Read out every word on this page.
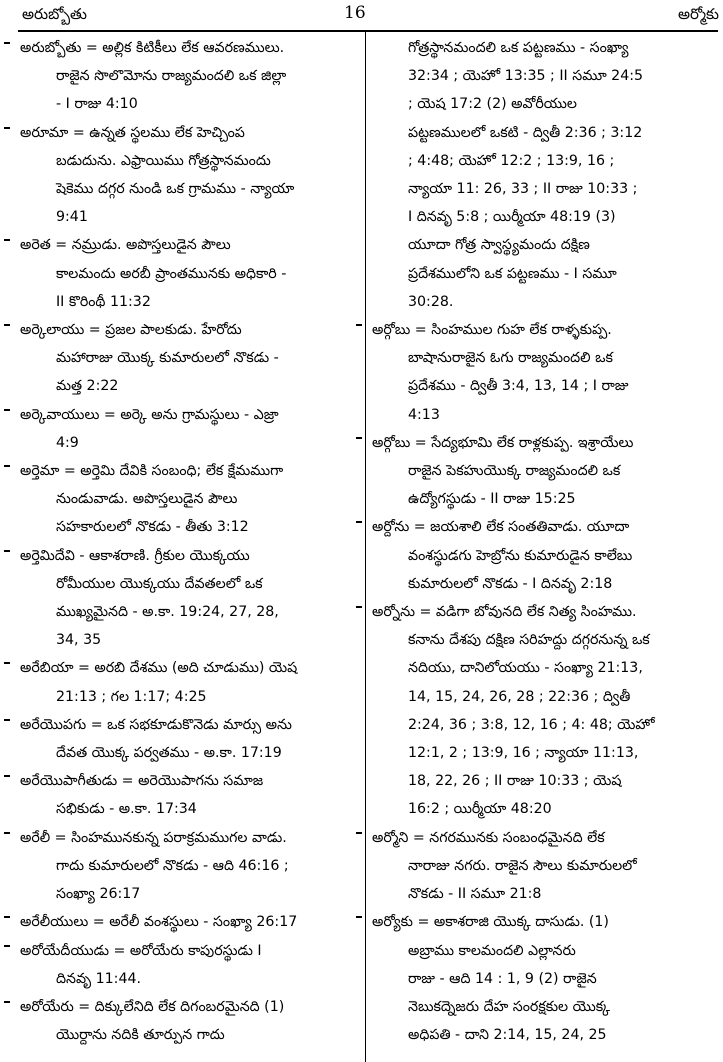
అరుబ్బోతు	16	అర్మోకు
అరుబ్బోతు = అల్లిక కిటికీలు లేక ఆవరణములు.
రాజైన సొలొమోను రాజ్యమందలి ఒక జిల్లా
- I రాజు 4:10
అరూమా = ఉన్నత స్థలము లేక హెచ్చింప
బడుదును. ఎఫ్రాయిము గోత్రస్థానమందు
షెకెము దగ్గర నుండి ఒక గ్రామము - న్యాయా
9:41
అరెత = నమ్రుడు. అపొస్తలుడైన పౌలు
కాలమందు అరబీ ప్రాంతమునకు అధికారి -
II కొరింథీ 11:32
అర్కెలాయు = ప్రజల పాలకుడు. హేరోదు
మహారాజు యొక్క కుమారులలో నొకడు -
మత్త 2:22
అర్కెవాయులు = అర్కె అను గ్రామస్థులు - ఎజ్రా
4:9
అర్తెమా = అర్తెమి దేవికి సంబంధి; లేక క్షేమముగా
నుండువాడు. అపొస్తలుడైన పౌలు
సహకారులలో నొకడు - తీతు 3:12
అర్తెమిదేవి - ఆకాశరాణి. గ్రీకుల యొక్కయు
రోమీయుల యొక్కయు దేవతలలో ఒక
ముఖ్యమైనది - అ.కా. 19:24, 27, 28,
34, 35
అరేబియా = అరబి దేశము (అది చూడుము) యెష
21:13 ; గల 1:17; 4:25
అరేయొపగు = ఒక సభకూడుకొనెడు మార్సు అను
దేవత యొక్క పర్వతము - అ.కా. 17:19
అరేయొపాగీతుడు = అరెయొపాగను సమాజ
సభికుడు - అ.కా. 17:34
అరేలీ = సింహమునకున్న పరాక్రమముగల వాడు.
గాదు కుమారులలో నొకడు - ఆది 46:16 ;
సంఖ్యా 26:17
అరేలీయులు = అరేలీ వంశస్థులు - సంఖ్యా 26:17
అరోయేదీయుడు = అరోయేరు కాపురస్థుడు I
దినవృ 11:44.
అరోయేరు = దిక్కులేనిది లేక దిగంబరమైనది (1)
యొర్దాను నదికి తూర్పున గాదు
గోత్రస్థానమందలి ఒక పట్టణము - సంఖ్యా
32:34 ; యెహో 13:35 ; II సమూ 24:5
; యెష 17:2 (2) అవోరీయుల
పట్టణములలో ఒకటి - ద్వితీ 2:36 ; 3:12
; 4:48; యెహో 12:2 ; 13:9, 16 ;
న్యాయా 11: 26, 33 ; II రాజు 10:33 ;
I దినవృ 5:8 ; యిర్మీయా 48:19 (3)
యూదా గోత్ర స్వాస్థ్యమందు దక్షిణ
ప్రదేశములోని ఒక పట్టణము - I సమూ
30:28.
అర్గోబు = సింహముల గుహ లేక రాళ్ళకుప్ప.
బాషానురాజైన ఓగు రాజ్యమందలి ఒక
ప్రదేశము - ద్వితీ 3:4, 13, 14 ; I రాజు
4:13
అర్గోబు = సేద్యభూమి లేక రాళ్లకుప్ప. ఇశ్రాయేలు
రాజైన పెకహుయొక్క రాజ్యమందలి ఒక
ఉద్యోగస్థుడు - II రాజు 15:25
అర్దోను = జయశాలి లేక సంతతివాడు. యూదా
వంశస్థుడగు హెబ్రోను కుమారుడైన కాలేబు
కుమారులలో నొకడు - I దినవృ 2:18
అర్నోను = వడిగా బోవునది లేక నిత్య సింహము.
కనాను దేశపు దక్షిణ సరిహద్దు దగ్గరనున్న ఒక
నదియు, దానిలోయయు - సంఖ్యా 21:13,
14, 15, 24, 26, 28 ; 22:36 ; ద్వితీ
2:24, 36 ; 3:8, 12, 16 ; 4: 48; యెహో
12:1, 2 ; 13:9, 16 ; న్యాయా 11:13,
18, 22, 26 ; II రాజు 10:33 ; యెష
16:2 ; యిర్మీయా 48:20
అర్మోని = నగరమునకు సంబంధమైనది లేక
నారాజు నగరు. రాజైన సౌలు కుమారులలో
నొకడు - II సమూ 21:8
అర్యోకు = అకాశరాజి యొక్క దాసుడు. (1)
అబ్రాము కాలమందలి ఎల్లానరు
రాజు - ఆది 14 : 1, 9 (2) రాజైన
నెబుకద్నెజరు దేహ సంరక్షకుల యొక్క
అధిపతి - దాని 2:14, 15, 24, 25
